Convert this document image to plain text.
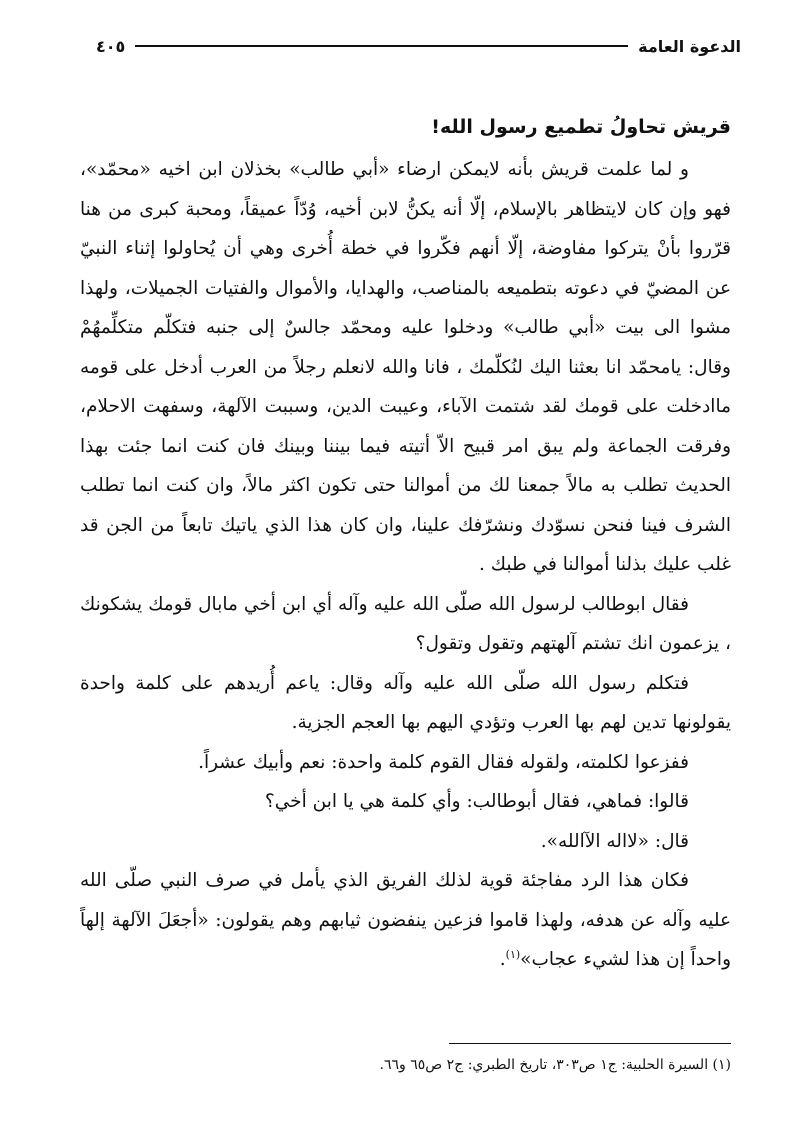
الدعوة العامة
٤٠٥
قريش تحاولُ تطميع رسول الله!

و لما علمت قريش بأنه لايمكن ارضاء «أبي طالب» بخذلان ابن اخيه «محمّد»، فهو وإن كان لايتظاهر بالإسلام، إلّا أنه يكنُّ لابن أخيه، وُدّاً عميقاً، ومحبة كبرى من هنا قرّروا بأنْ يتركوا مفاوضة، إلّا أنهم فكّروا في خطة أُخرى وهي أن يُحاولوا إثناء النبيّ عن المضيّ في دعوته بتطميعه بالمناصب، والهدايا، والأموال والفتيات الجميلات، ولهذا مشوا الى بيت «أبي طالب» ودخلوا عليه ومحمّد جالسٌ إلى جنبه فتكلّم متكلِّمهُمْ وقال: يامحمّد انا بعثنا اليك لنُكلّمك ، فانا والله لانعلم رجلاً من العرب أدخل على قومه ماادخلت على قومك لقد شتمت الآباء، وعيبت الدين، وسببت الآلهة، وسفهت الاحلام، وفرقت الجماعة ولم يبق امر قبيح الاّ أتيته فيما بيننا وبينك فان كنت انما جئت بهذا الحديث تطلب به مالاً جمعنا لك من أموالنا حتى تكون اكثر مالاً، وان كنت انما تطلب الشرف فينا فنحن نسوّدك ونشرّفك علينا، وان كان هذا الذي ياتيك تابعاً من الجن قد غلب عليك بذلنا أموالنا في طبك .

فقال ابوطالب لرسول الله صلّى الله عليه وآله أي ابن أخي مابال قومك يشكونك ، يزعمون انك تشتم آلهتهم وتقول وتقول؟

فتكلم رسول الله صلّى الله عليه وآله وقال: ياعم أُريدهم على كلمة واحدة يقولونها تدين لهم بها العرب وتؤدي اليهم بها العجم الجزية.

ففزعوا لكلمته، ولقوله فقال القوم كلمة واحدة: نعم وأبيك عشراً.

قالوا: فماهي، فقال أبوطالب: وأي كلمة هي يا ابن أخي؟

قال: «لااله الآالله».

فكان هذا الرد مفاجئة قوية لذلك الفريق الذي يأمل في صرف النبي صلّى الله عليه وآله عن هدفه، ولهذا قاموا فزعين ينفضون ثيابهم وهم يقولون: «أجعَلَ الآلهة إلهاً واحداً إن هذا لشيء عجاب»$^{(١)}$.

(١) السيرة الحلبية: ج١ ص٣٠٣، تاريخ الطبري: ج٢ ص٦٥ و٦٦.
